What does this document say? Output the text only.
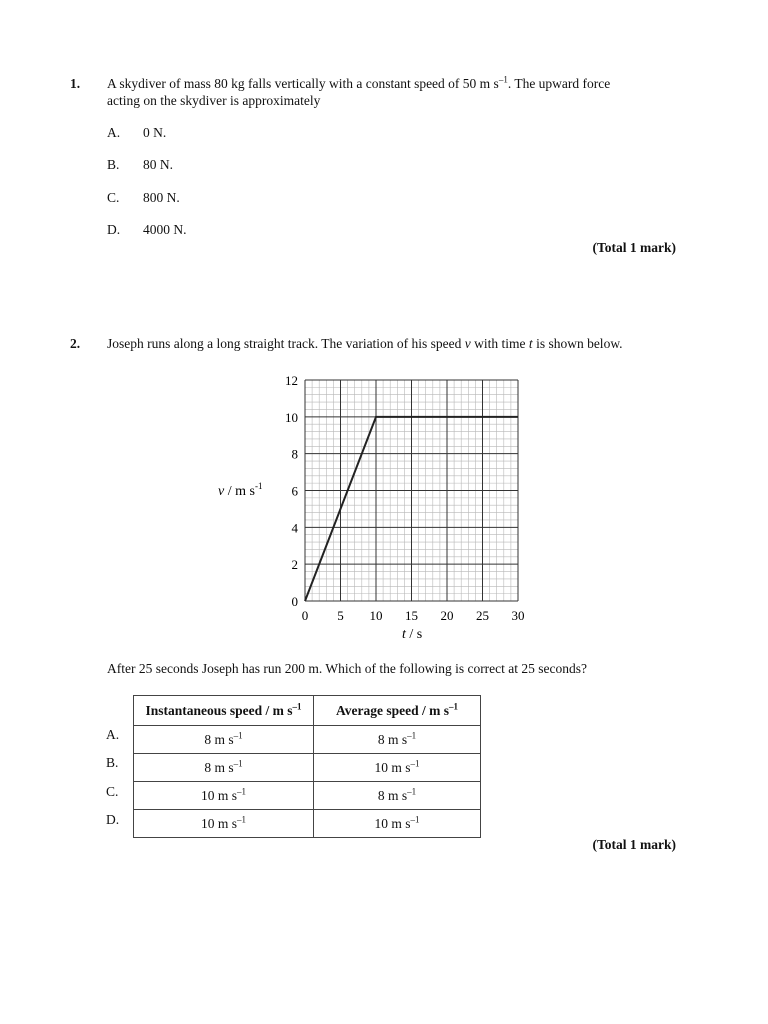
1. A skydiver of mass 80 kg falls vertically with a constant speed of 50 m $s^{-1}$. The upward force
acting on the skydiver is approximately
A. 0 N.
B. 80 N.
C. 800 N.
D. 4000 N.
(Total 1 mark)
2. Joseph runs along a long straight track. The variation of his speed v with time t is shown below.
0
2
4
6
8
10
12
0 5 10 15 20 25 30
v / m $s^{-1}$
t / s
After 25 seconds Joseph has run 200 m. Which of the following is correct at 25 seconds?
A.
B.
C.
D.
Instantaneous speed / m $s^{-1}$	Average speed / m $s^{-1}$
8 m $s^{-1}$	8 m $s^{-1}$
8 m $s^{-1}$	10 m $s^{-1}$
10 m $s^{-1}$	8 m $s^{-1}$
10 m $s^{-1}$	10 m $s^{-1}$
(Total 1 mark)
